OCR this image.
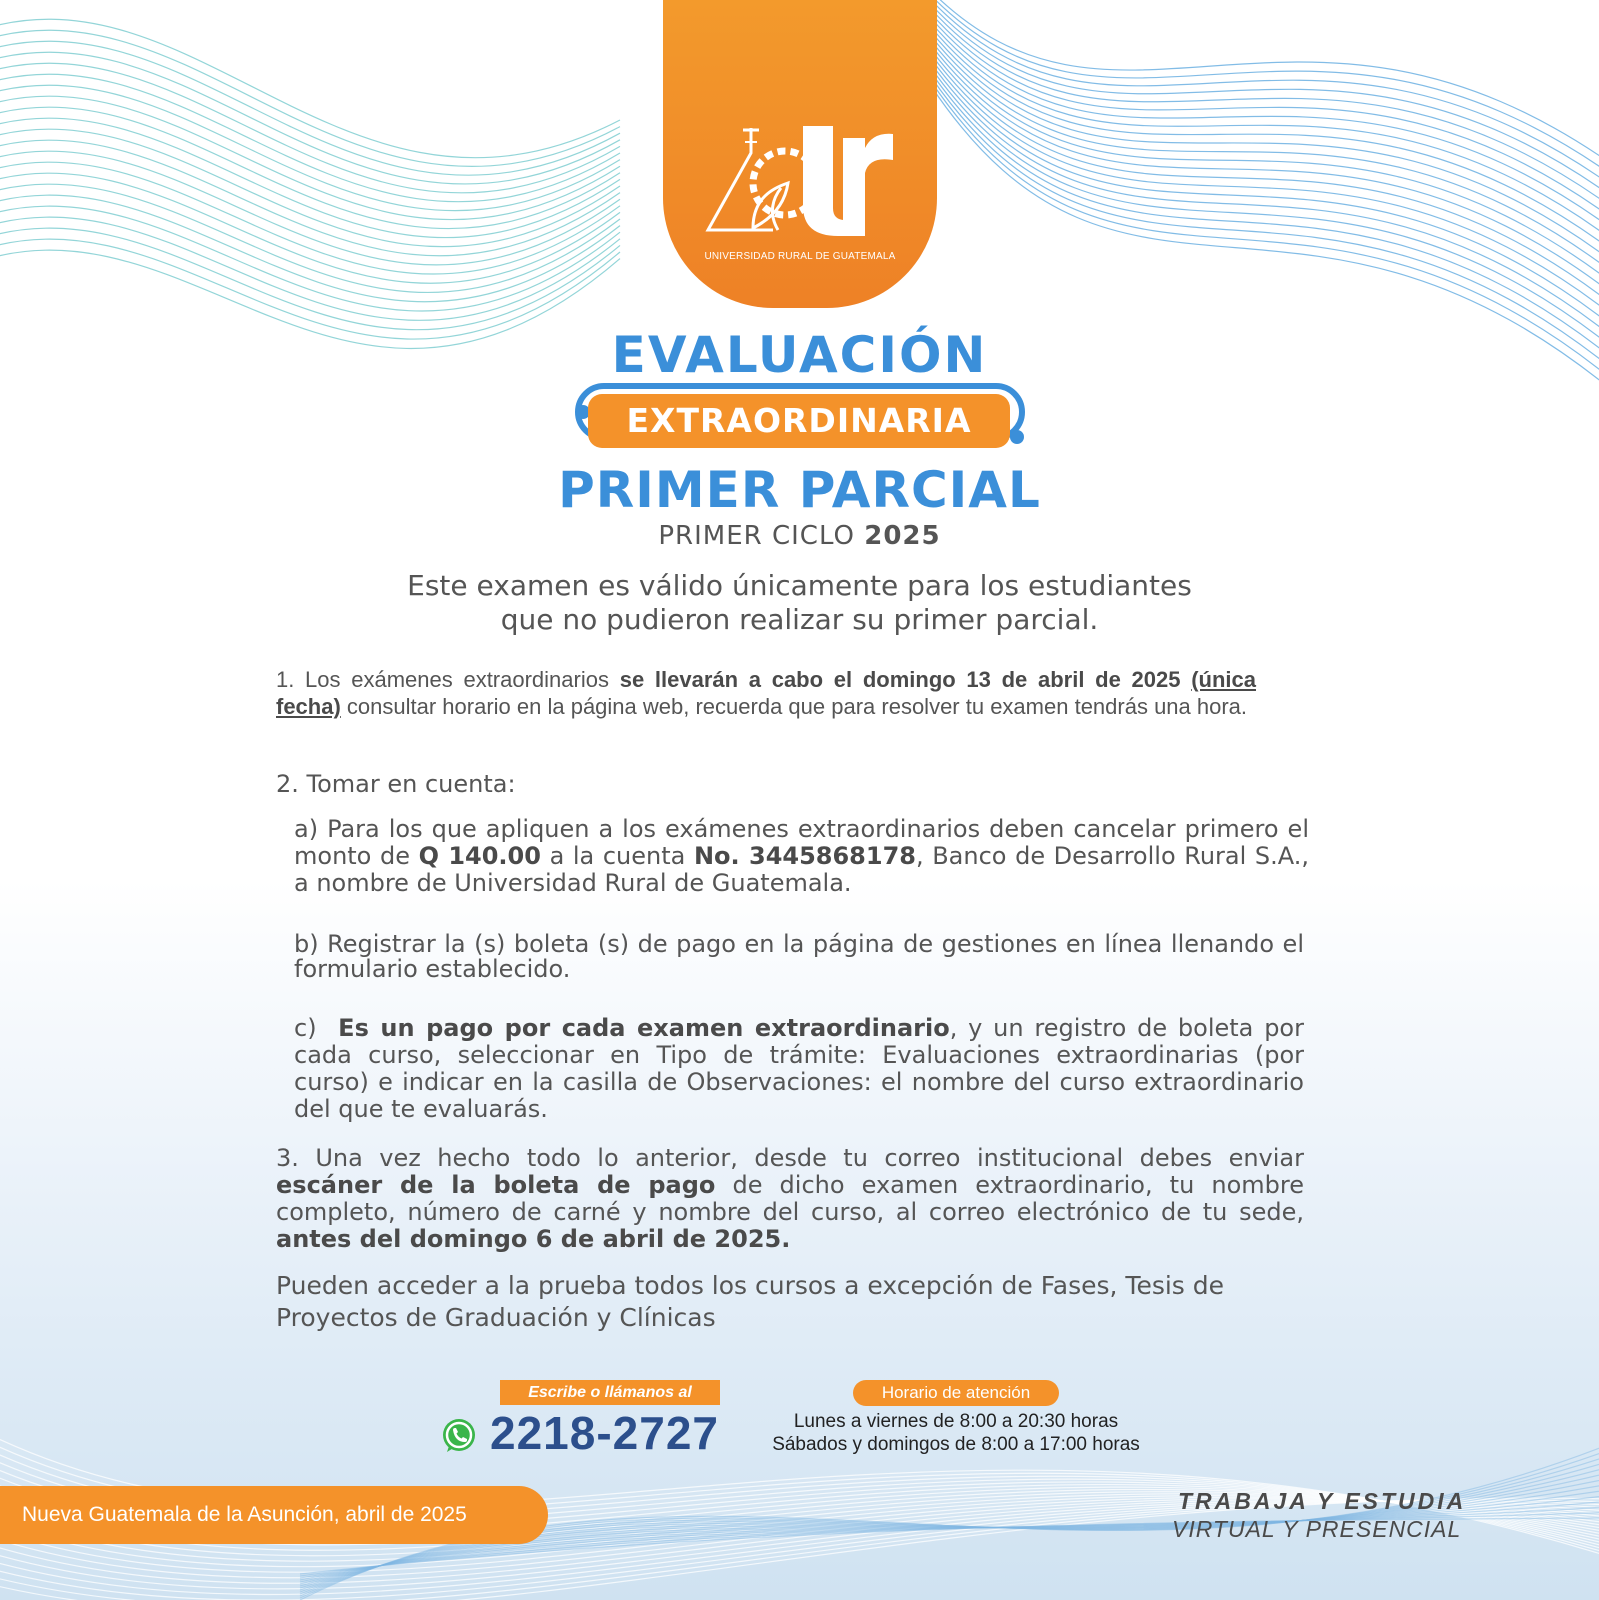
UNIVERSIDAD RURAL DE GUATEMALA
EVALUACIÓN
EXTRAORDINARIA
PRIMER PARCIAL
PRIMER CICLO 2025
Este examen es válido únicamente para los estudiantes
que no pudieron realizar su primer parcial.
1. Los exámenes extraordinarios se llevarán a cabo el domingo 13 de abril de 2025 (única fecha) consultar horario en la página web, recuerda que para resolver tu examen tendrás una hora.
2. Tomar en cuenta:
a) Para los que apliquen a los exámenes extraordinarios deben cancelar primero el monto de Q 140.00 a la cuenta No. 3445868178, Banco de Desarrollo Rural S.A., a nombre de Universidad Rural de Guatemala.
b) Registrar la (s) boleta (s) de pago en la página de gestiones en línea llenando el formulario establecido.
c) Es un pago por cada examen extraordinario, y un registro de boleta por cada curso, seleccionar en Tipo de trámite: Evaluaciones extraordinarias (por curso) e indicar en la casilla de Observaciones: el nombre del curso extraordinario del que te evaluarás.
3. Una vez hecho todo lo anterior, desde tu correo institucional debes enviar escáner de la boleta de pago de dicho examen extraordinario, tu nombre completo, número de carné y nombre del curso, al correo electrónico de tu sede, antes del domingo 6 de abril de 2025.
Pueden acceder a la prueba todos los cursos a excepción de Fases, Tesis de Proyectos de Graduación y Clínicas
Escribe o llámanos al
2218-2727
Horario de atención
Lunes a viernes de 8:00 a 20:30 horas
Sábados y domingos de 8:00 a 17:00 horas
Nueva Guatemala de la Asunción, abril de 2025
TRABAJA Y ESTUDIA
VIRTUAL Y PRESENCIAL
